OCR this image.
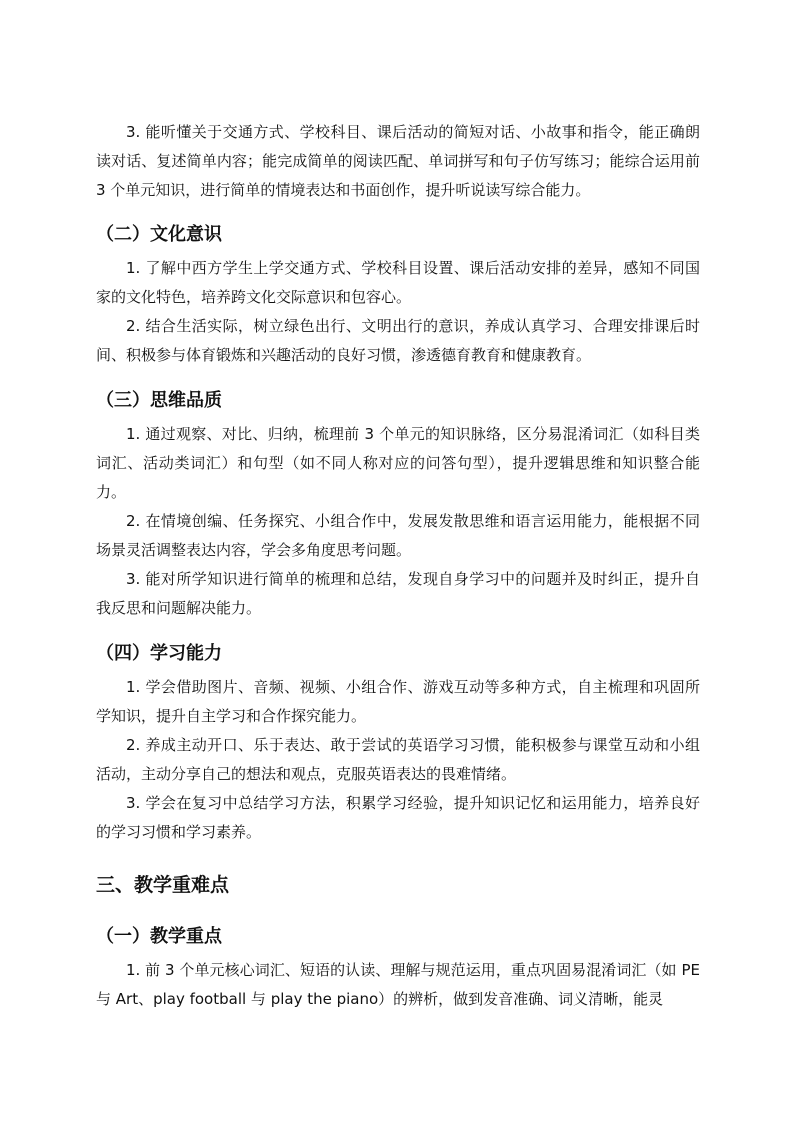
3. 能听懂关于交通方式、学校科目、课后活动的简短对话、小故事和指令，能正确朗读对话、复述简单内容；能完成简单的阅读匹配、单词拼写和句子仿写练习；能综合运用前 3 个单元知识，进行简单的情境表达和书面创作，提升听说读写综合能力。

（二）文化意识

1. 了解中西方学生上学交通方式、学校科目设置、课后活动安排的差异，感知不同国家的文化特色，培养跨文化交际意识和包容心。

2. 结合生活实际，树立绿色出行、文明出行的意识，养成认真学习、合理安排课后时间、积极参与体育锻炼和兴趣活动的良好习惯，渗透德育教育和健康教育。

（三）思维品质

1. 通过观察、对比、归纳，梳理前 3 个单元的知识脉络，区分易混淆词汇（如科目类词汇、活动类词汇）和句型（如不同人称对应的问答句型），提升逻辑思维和知识整合能力。

2. 在情境创编、任务探究、小组合作中，发展发散思维和语言运用能力，能根据不同场景灵活调整表达内容，学会多角度思考问题。

3. 能对所学知识进行简单的梳理和总结，发现自身学习中的问题并及时纠正，提升自我反思和问题解决能力。

（四）学习能力

1. 学会借助图片、音频、视频、小组合作、游戏互动等多种方式，自主梳理和巩固所学知识，提升自主学习和合作探究能力。

2. 养成主动开口、乐于表达、敢于尝试的英语学习习惯，能积极参与课堂互动和小组活动，主动分享自己的想法和观点，克服英语表达的畏难情绪。

3. 学会在复习中总结学习方法，积累学习经验，提升知识记忆和运用能力，培养良好的学习习惯和学习素养。

三、教学重难点
（一）教学重点

1. 前 3 个单元核心词汇、短语的认读、理解与规范运用，重点巩固易混淆词汇（如 PE 与 Art、play football 与 play the piano）的辨析，做到发音准确、词义清晰，能灵
